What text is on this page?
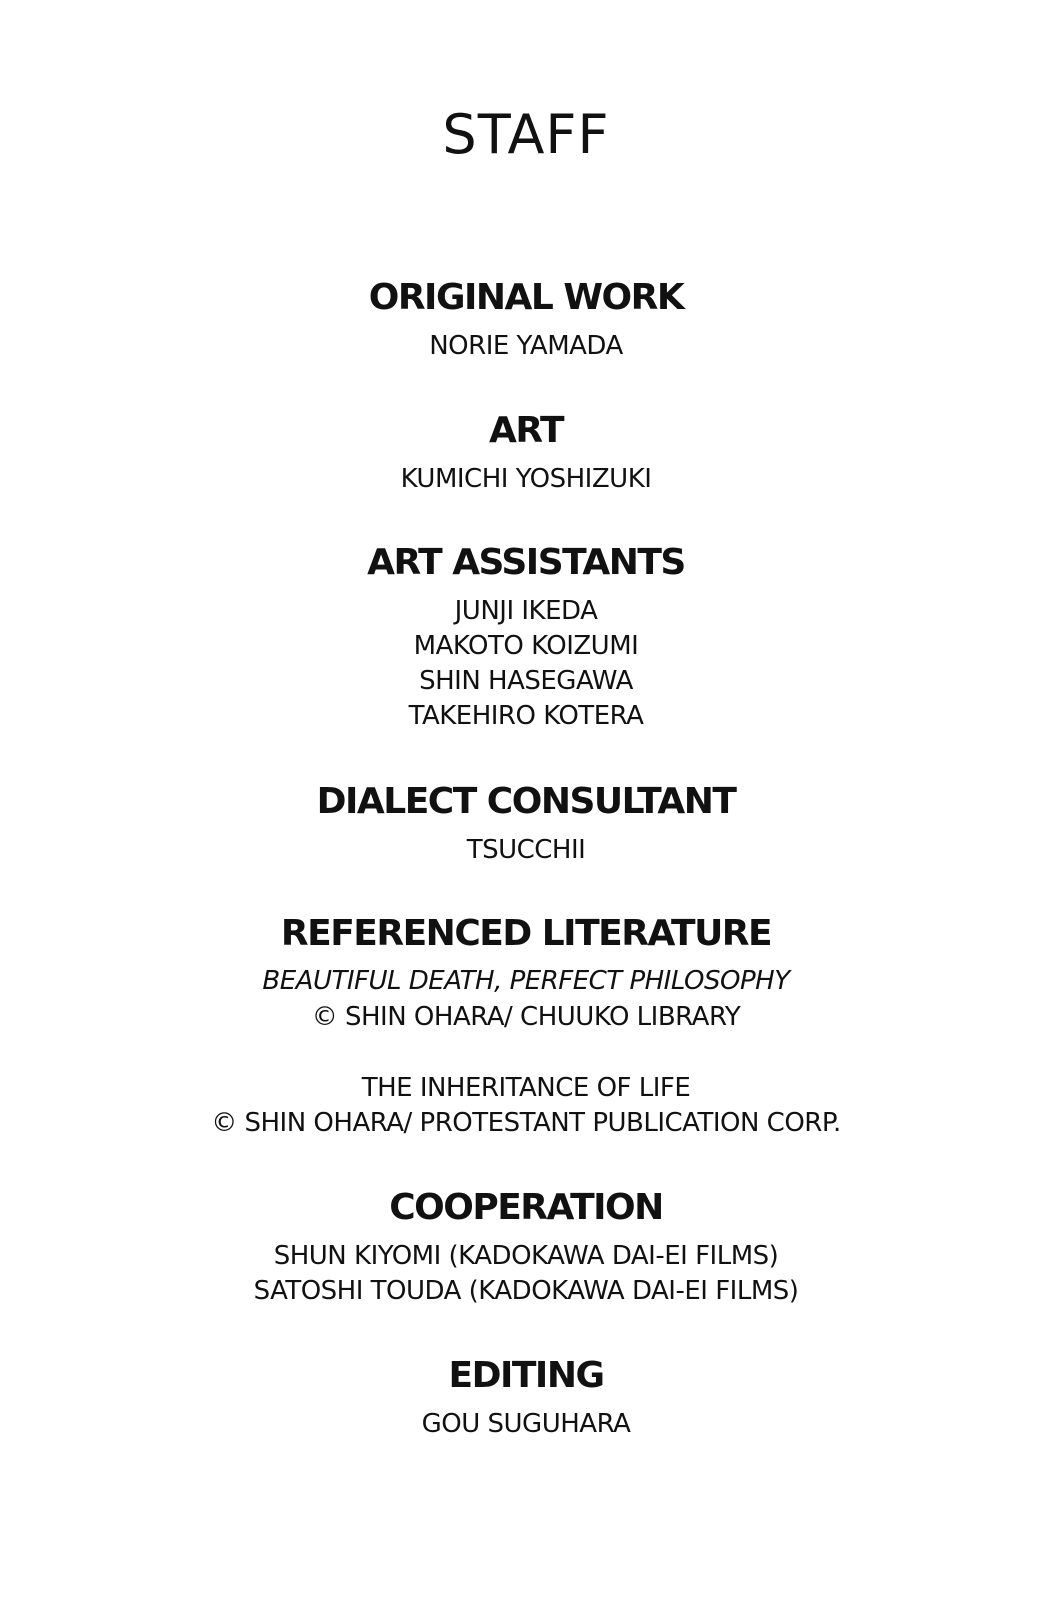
STAFF
ORIGINAL WORK
NORIE YAMADA
ART
KUMICHI YOSHIZUKI
ART ASSISTANTS
JUNJI IKEDA
MAKOTO KOIZUMI
SHIN HASEGAWA
TAKEHIRO KOTERA
DIALECT CONSULTANT
TSUCCHII
REFERENCED LITERATURE
BEAUTIFUL DEATH, PERFECT PHILOSOPHY
© SHIN OHARA/ CHUUKO LIBRARY
THE INHERITANCE OF LIFE
© SHIN OHARA/ PROTESTANT PUBLICATION CORP.
COOPERATION
SHUN KIYOMI (KADOKAWA DAI-EI FILMS)
SATOSHI TOUDA (KADOKAWA DAI-EI FILMS)
EDITING
GOU SUGUHARA
